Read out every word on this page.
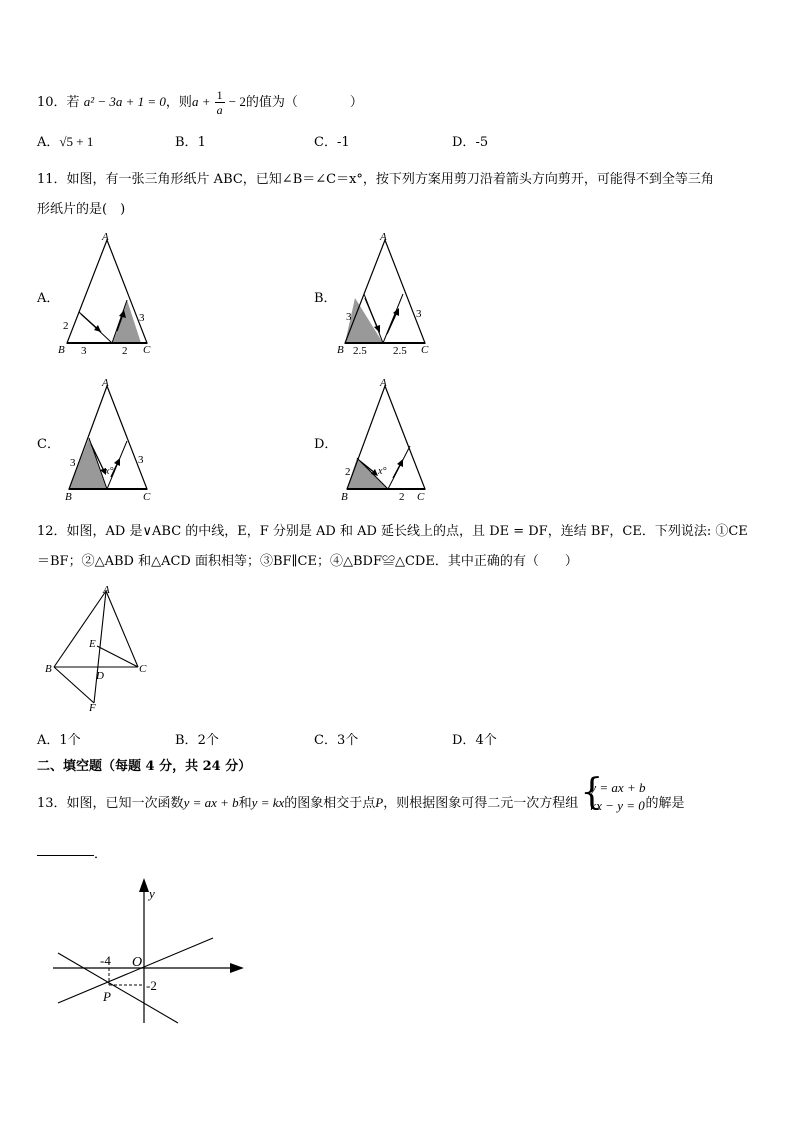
10．若 a² − 3a + 1 = 0，则$a + \frac{1}{a} - 2$的值为（　　　　）
A．√5 + 1	B．1	C．-1	D．-5
11．如图，有一张三角形纸片 ABC，已知∠B＝∠C＝x°，按下列方案用剪刀沿着箭头方向剪开，可能得不到全等三角
形纸片的是(　)
A．	B．
C．	D．
A
B	C
2
3	2
3
A
B	C
3
2.5 2.5
3
A
B	C
3
x°
3
A
B	C
2	x°
2
12．如图，AD 是∨ABC 的中线，E，F 分别是 AD 和 AD 延长线上的点，且 DE = DF，连结 BF，CE．下列说法: ①CE
＝BF；②△ABD 和△ACD 面积相等；③BF∥CE；④△BDF≌△CDE．其中正确的有（　　）
A
B	C
D
E
F
A．1个	B．2个	C．3个	D．4个
二、填空题（每题 4 分，共 24 分）
13．如图，已知一次函数y = ax + b和y = kx的图象相交于点P，则根据图象可得二元一次方程组 {
y = ax + b
kx − y = 0 的解是
．
y
O
-4
-2
P
